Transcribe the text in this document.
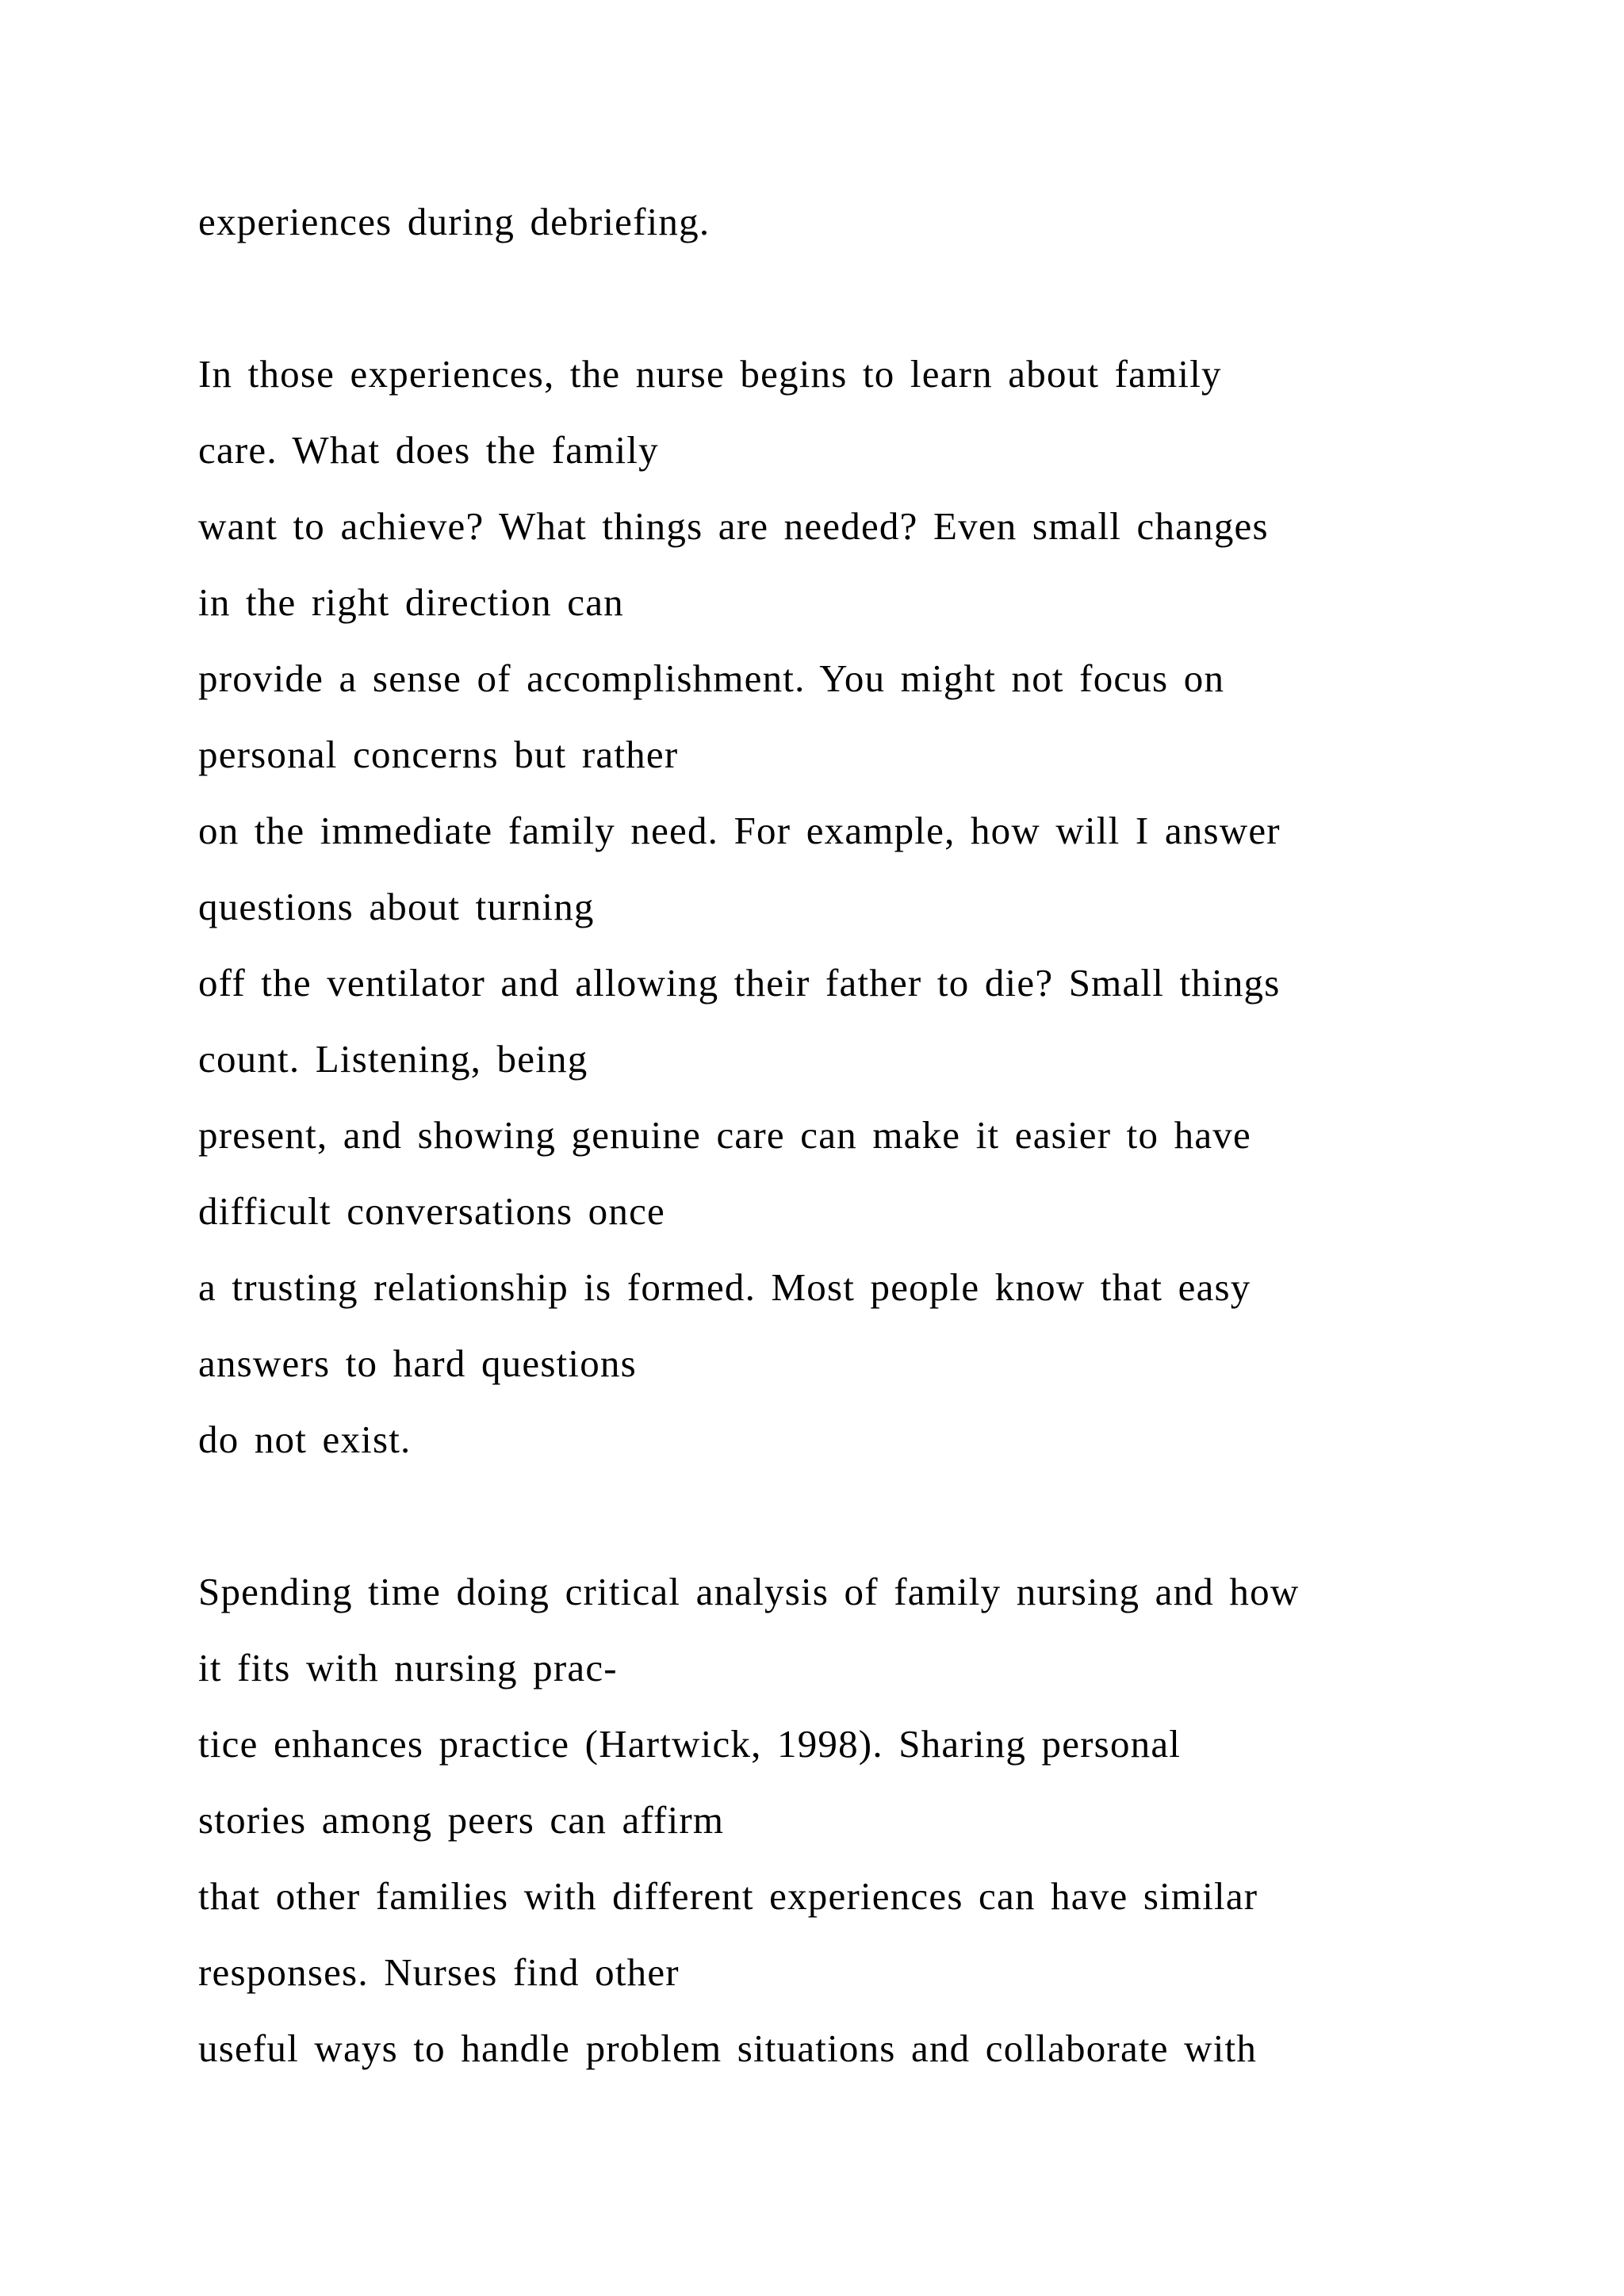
experiences during debriefing.
In those experiences, the nurse begins to learn about family
care. What does the family
want to achieve? What things are needed? Even small changes
in the right direction can
provide a sense of accomplishment. You might not focus on
personal concerns but rather
on the immediate family need. For example, how will I answer
questions about turning
off the ventilator and allowing their father to die? Small things
count. Listening, being
present, and showing genuine care can make it easier to have
difficult conversations once
a trusting relationship is formed. Most people know that easy
answers to hard questions
do not exist.
Spending time doing critical analysis of family nursing and how
it fits with nursing prac-
tice enhances practice (Hartwick, 1998). Sharing personal
stories among peers can affirm
that other families with different experiences can have similar
responses. Nurses find other
useful ways to handle problem situations and collaborate with
